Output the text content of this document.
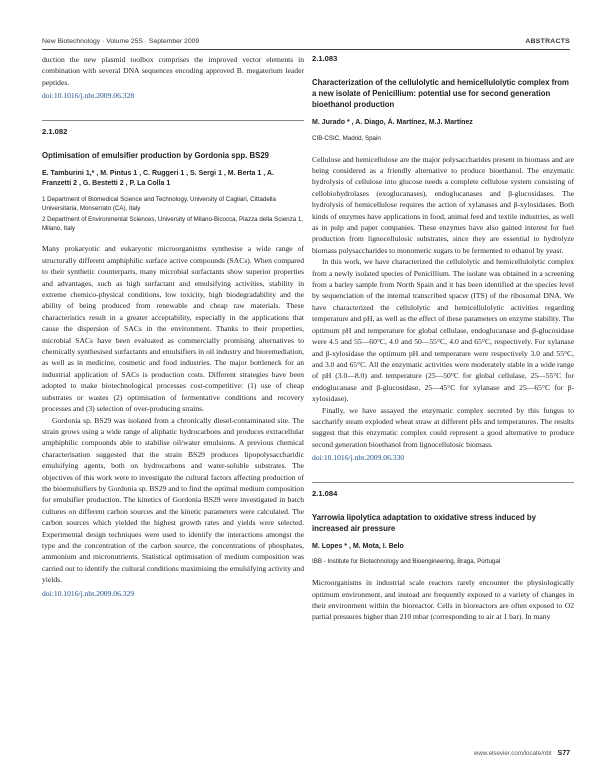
New Biotechnology · Volume 25S · September 2009	ABSTRACTS

duction the new plasmid toolbox comprises the improved vector elements in combination with several DNA sequences encoding approved B. megaterium leader peptides.

doi:10.1016/j.nbt.2009.06.328
2.1.082
Optimisation of emulsifier production by Gordonia spp. BS29
E. Tamburini 1,* , M. Pintus 1 , C. Ruggeri 1 , S. Sergi 1 , M. Berta 1 , A. Franzetti 2 , G. Bestetti 2 , P. La Colla 1
1 Department of Biomedical Science and Technology, University of Cagliari, Cittadella Universitaria, Monserrato (CA), Italy
2 Department of Environmental Sciences, University of Milano-Bicocca, Piazza della Scienza 1, Milano, Italy

Many prokaryotic and eukaryotic microorganisms synthesise a wide range of structurally different amphiphilic surface active compounds (SACs). When compared to their synthetic counterparts, many microbial surfactants show superior properties and advantages, such as high surfactant and emulsifying activities, stability in extreme chemico-physical conditions, low toxicity, high biodegradability and the ability of being produced from renewable and cheap raw materials. These characteristics result in a greater acceptability, especially in the applications that cause the dispersion of SACs in the environment. Thanks to their properties, microbial SACs have been evaluated as commercially promising alternatives to chemically synthesised surfactants and emulsifiers in oil industry and bioremediation, as well as in medicine, cosmetic and food industries. The major bottleneck for an industrial application of SACs is production costs. Different strategies have been adopted to make biotechnological processes cost-competitive: (1) use of cheap substrates or wastes (2) optimisation of fermentative conditions and recovery processes and (3) selection of over-producing strains.

Gordonia sp. BS29 was isolated from a chronically diesel-contaminated site. The strain grows using a wide range of aliphatic hydrocarbons and produces extracellular amphiphilic compounds able to stabilise oil/water emulsions. A previous chemical characterisation suggested that the strain BS29 produces lipopolysaccharidic emulsifying agents, both on hydrocarbons and water-soluble substrates. The objectives of this work were to investigate the cultural factors affecting production of the bioemulsifiers by Gordonia sp. BS29 and to find the optimal medium composition for emulsifier production. The kinetics of Gordonia BS29 were investigated in batch cultures on different carbon sources and the kinetic parameters were calculated. The carbon sources which yielded the highest growth rates and yields were selected. Experimental design techniques were used to identify the interactions amongst the type and the concentration of the carbon source, the concentrations of phosphates, ammonium and micronutrients. Statistical optimisation of medium composition was carried out to identify the cultural conditions maximising the emulsifying activity and yields.

doi:10.1016/j.nbt.2009.06.329
2.1.083
Characterization of the cellulolytic and hemicellulolytic complex from a new isolate of Penicillium: potential use for second generation bioethanol production
M. Jurado * , A. Diago, Á. Martínez, M.J. Martínez
CIB-CSIC, Madrid, Spain

Cellulose and hemicellulose are the major polysaccharides present in biomass and are being considered as a friendly alternative to produce bioethanol. The enzymatic hydrolysis of cellulose into glucose needs a complete cellulose system consisting of cellobiohydrolases (exoglucanases), endoglucanases and β-glucosidases. The hydrolysis of hemicellulose requires the action of xylanases and β-xylosidases. Both kinds of enzymes have applications in food, animal feed and textile industries, as well as in pulp and paper companies. These enzymes have also gained interest for fuel production from lignocellulosic substrates, since they are essential to hydrolyze biomass polysaccharides to monomeric sugars to be fermented to ethanol by yeast.

In this work, we have characterized the cellulolytic and hemicellulolytic complex from a newly isolated species of Penicillium. The isolate was obtained in a screening from a barley sample from North Spain and it has been identified at the species level by sequenciation of the internal transcribed spacer (ITS) of the ribosomal DNA. We have characterized the cellulolytic and hemicellulolytic activities regarding temperature and pH, as well as the effect of these parameters on enzyme stability. The optimum pH and temperature for global cellulase, endoglucanase and β-glucosidase were 4.5 and 55—60°C, 4.0 and 50—55°C, 4.0 and 65°C, respectively. For xylanase and β-xylosidase the optimum pH and temperature were respectively 3.0 and 55°C, and 3.0 and 65°C. All the enzymatic activities were moderately stable in a wide range of pH (3.0—8.0) and temperature (25—50°C for global cellulase, 25—55°C for endoglucanase and β-glucosidase, 25—45°C for xylanase and 25—65°C for β-xylosidase).

Finally, we have assayed the enzymatic complex secreted by this fungus to saccharify steam exploded wheat straw at different pHs and temperatures. The results suggest that this enzymatic complex could represent a good alternative to produce second generation bioethanol from lignocellulosic biomass.

doi:10.1016/j.nbt.2009.06.330
2.1.084
Yarrowia lipolytica adaptation to oxidative stress induced by increased air pressure
M. Lopes * , M. Mota, I. Belo
IBB - Institute for Biotechnology and Bioengineering, Braga, Portugal

Microorganisms in industrial scale reactors rarely encounter the physiologically optimum environment, and instead are frequently exposed to a variety of changes in their environment within the bioreactor. Cells in bioreactors are often exposed to O2 partial pressures higher than 210 mbar (corresponding to air at 1 bar). In many

www.elsevier.com/locate/nbt S77
